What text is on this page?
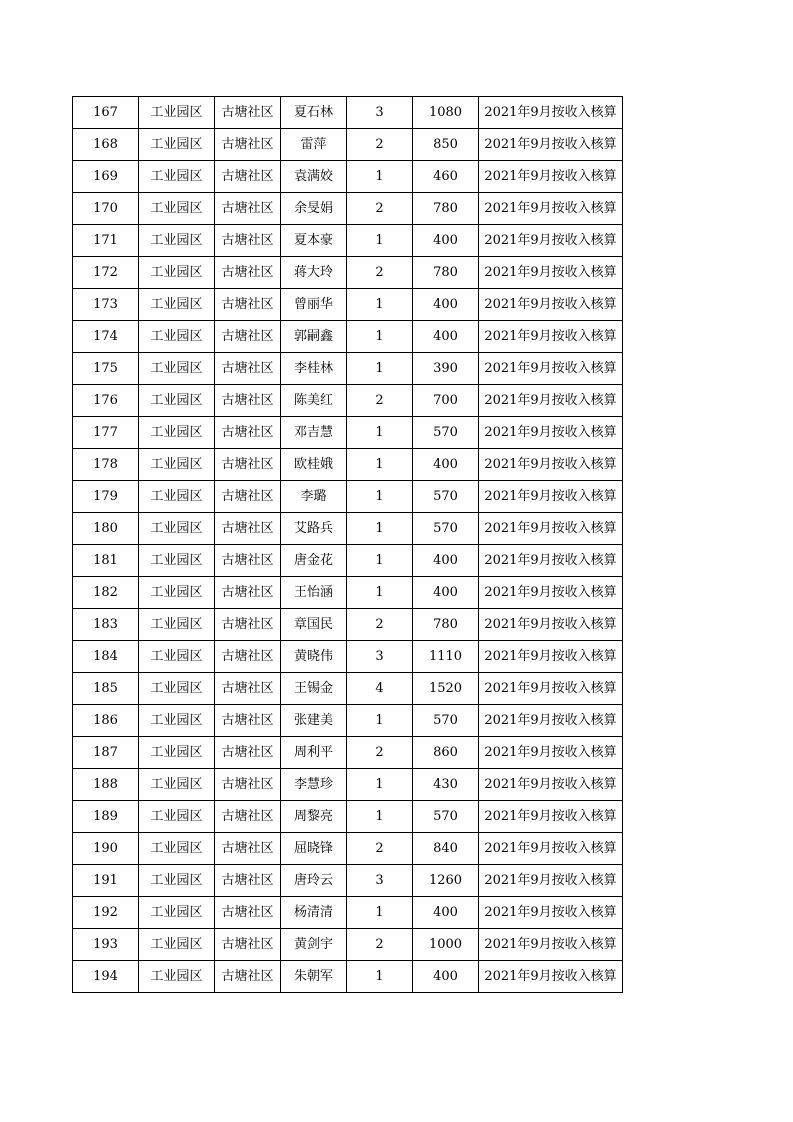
167	工业园区	古塘社区	夏石林	3	1080	2021年9月按收入核算
168	工业园区	古塘社区	雷萍	2	850	2021年9月按收入核算
169	工业园区	古塘社区	袁满姣	1	460	2021年9月按收入核算
170	工业园区	古塘社区	余旻娟	2	780	2021年9月按收入核算
171	工业园区	古塘社区	夏本豪	1	400	2021年9月按收入核算
172	工业园区	古塘社区	蒋大玲	2	780	2021年9月按收入核算
173	工业园区	古塘社区	曾丽华	1	400	2021年9月按收入核算
174	工业园区	古塘社区	郭嗣鑫	1	400	2021年9月按收入核算
175	工业园区	古塘社区	李桂林	1	390	2021年9月按收入核算
176	工业园区	古塘社区	陈美红	2	700	2021年9月按收入核算
177	工业园区	古塘社区	邓吉慧	1	570	2021年9月按收入核算
178	工业园区	古塘社区	欧桂娥	1	400	2021年9月按收入核算
179	工业园区	古塘社区	李璐	1	570	2021年9月按收入核算
180	工业园区	古塘社区	艾路兵	1	570	2021年9月按收入核算
181	工业园区	古塘社区	唐金花	1	400	2021年9月按收入核算
182	工业园区	古塘社区	王怡涵	1	400	2021年9月按收入核算
183	工业园区	古塘社区	章国民	2	780	2021年9月按收入核算
184	工业园区	古塘社区	黄晓伟	3	1110	2021年9月按收入核算
185	工业园区	古塘社区	王锡金	4	1520	2021年9月按收入核算
186	工业园区	古塘社区	张建美	1	570	2021年9月按收入核算
187	工业园区	古塘社区	周利平	2	860	2021年9月按收入核算
188	工业园区	古塘社区	李慧珍	1	430	2021年9月按收入核算
189	工业园区	古塘社区	周黎亮	1	570	2021年9月按收入核算
190	工业园区	古塘社区	屈晓锋	2	840	2021年9月按收入核算
191	工业园区	古塘社区	唐玲云	3	1260	2021年9月按收入核算
192	工业园区	古塘社区	杨清清	1	400	2021年9月按收入核算
193	工业园区	古塘社区	黄剑宇	2	1000	2021年9月按收入核算
194	工业园区	古塘社区	朱朝军	1	400	2021年9月按收入核算
